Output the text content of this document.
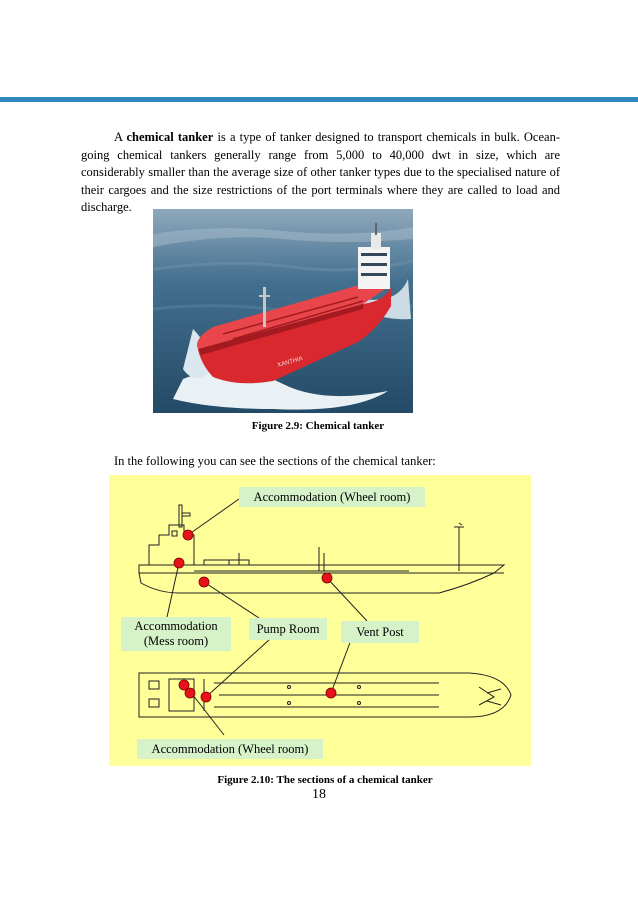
A chemical tanker is a type of tanker designed to transport chemicals in bulk. Ocean-going chemical tankers generally range from 5,000 to 40,000 dwt in size, which are considerably smaller than the average size of other tanker types due to the specialised nature of their cargoes and the size restrictions of the port terminals where they are called to load and discharge.

XANTHIA
Figure 2.9: Chemical tanker
In the following you can see the sections of the chemical tanker:
Accommodation (Wheel room)
Accommodation
(Mess room)
Pump Room	Vent Post
Accommodation (Wheel room)
Figure 2.10: The sections of a chemical tanker
18
